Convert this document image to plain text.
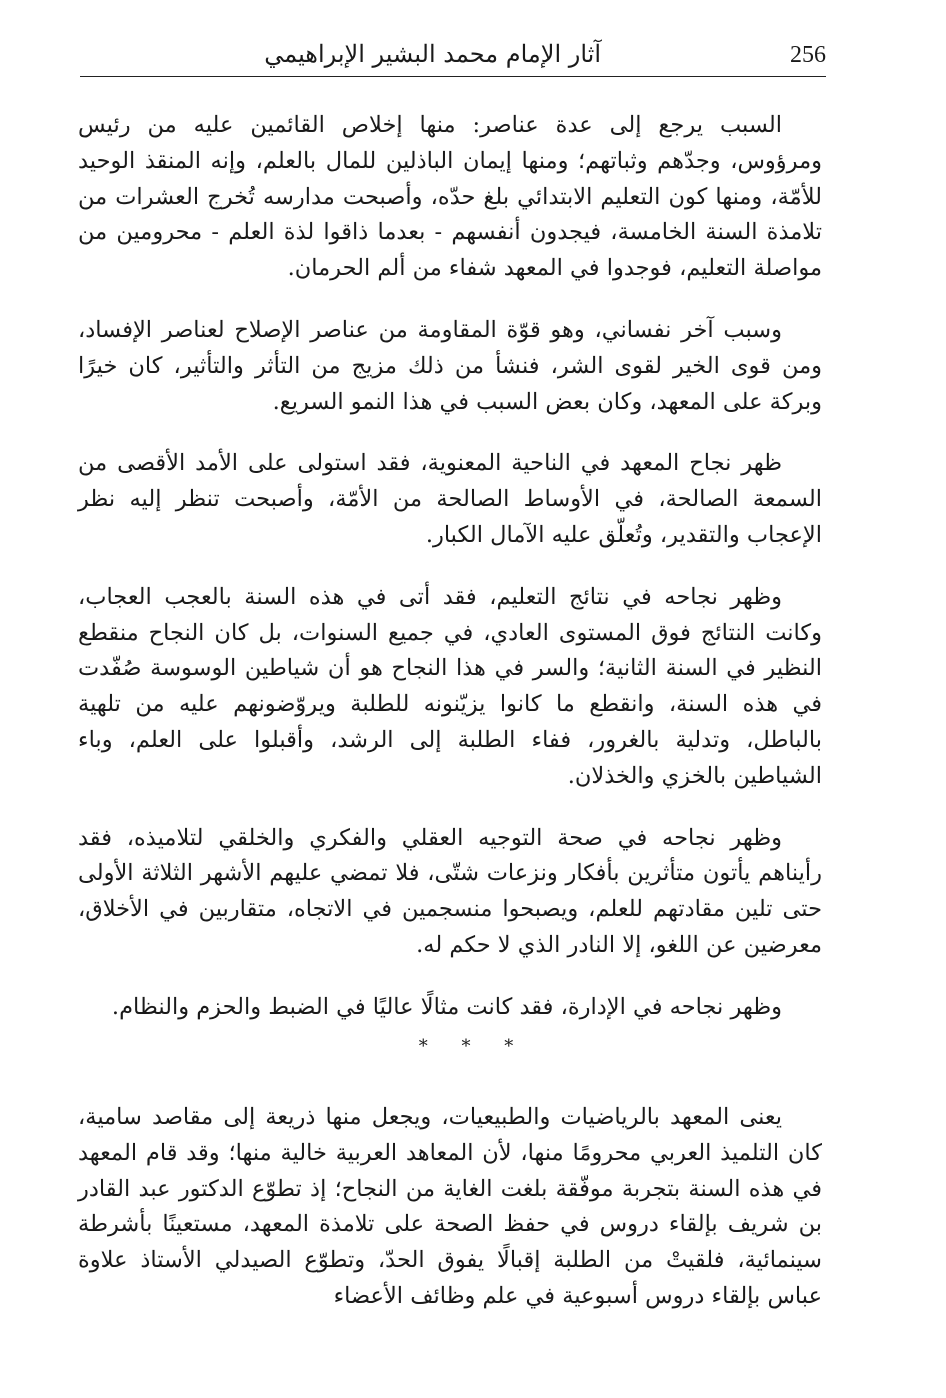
256
آثار الإمام محمد البشير الإبراهيمي

السبب يرجع إلى عدة عناصر: منها إخلاص القائمين عليه من رئيس ومرؤوس، وجدّهم وثباتهم؛ ومنها إيمان الباذلين للمال بالعلم، وإنه المنقذ الوحيد للأمّة، ومنها كون التعليم الابتدائي بلغ حدّه، وأصبحت مدارسه تُخرج العشرات من تلامذة السنة الخامسة، فيجدون أنفسهم - بعدما ذاقوا لذة العلم - محرومين من مواصلة التعليم، فوجدوا في المعهد شفاء من ألم الحرمان.

وسبب آخر نفساني، وهو قوّة المقاومة من عناصر الإصلاح لعناصر الإفساد، ومن قوى الخير لقوى الشر، فنشأ من ذلك مزيج من التأثر والتأثير، كان خيرًا وبركة على المعهد، وكان بعض السبب في هذا النمو السريع.

ظهر نجاح المعهد في الناحية المعنوية، فقد استولى على الأمد الأقصى من السمعة الصالحة، في الأوساط الصالحة من الأمّة، وأصبحت تنظر إليه نظر الإعجاب والتقدير، وتُعلّق عليه الآمال الكبار.

وظهر نجاحه في نتائج التعليم، فقد أتى في هذه السنة بالعجب العجاب، وكانت النتائج فوق المستوى العادي، في جميع السنوات، بل كان النجاح منقطع النظير في السنة الثانية؛ والسر في هذا النجاح هو أن شياطين الوسوسة صُفّدت في هذه السنة، وانقطع ما كانوا يزيّنونه للطلبة ويروّضونهم عليه من تلهية بالباطل، وتدلية بالغرور، ففاء الطلبة إلى الرشد، وأقبلوا على العلم، وباء الشياطين بالخزي والخذلان.

وظهر نجاحه في صحة التوجيه العقلي والفكري والخلقي لتلاميذه، فقد رأيناهم يأتون متأثرين بأفكار ونزعات شتّى، فلا تمضي عليهم الأشهر الثلاثة الأولى حتى تلين مقادتهم للعلم، ويصبحوا منسجمين في الاتجاه، متقاربين في الأخلاق، معرضين عن اللغو، إلا النادر الذي لا حكم له.

وظهر نجاحه في الإدارة، فقد كانت مثالًا عاليًا في الضبط والحزم والنظام.

* * *

يعنى المعهد بالرياضيات والطبيعيات، ويجعل منها ذريعة إلى مقاصد سامية، كان التلميذ العربي محرومًا منها، لأن المعاهد العربية خالية منها؛ وقد قام المعهد في هذه السنة بتجربة موفّقة بلغت الغاية من النجاح؛ إذ تطوّع الدكتور عبد القادر بن شريف بإلقاء دروس في حفظ الصحة على تلامذة المعهد، مستعينًا بأشرطة سينمائية، فلقيتْ من الطلبة إقبالًا يفوق الحدّ، وتطوّع الصيدلي الأستاذ علاوة عباس بإلقاء دروس أسبوعية في علم وظائف الأعضاء
